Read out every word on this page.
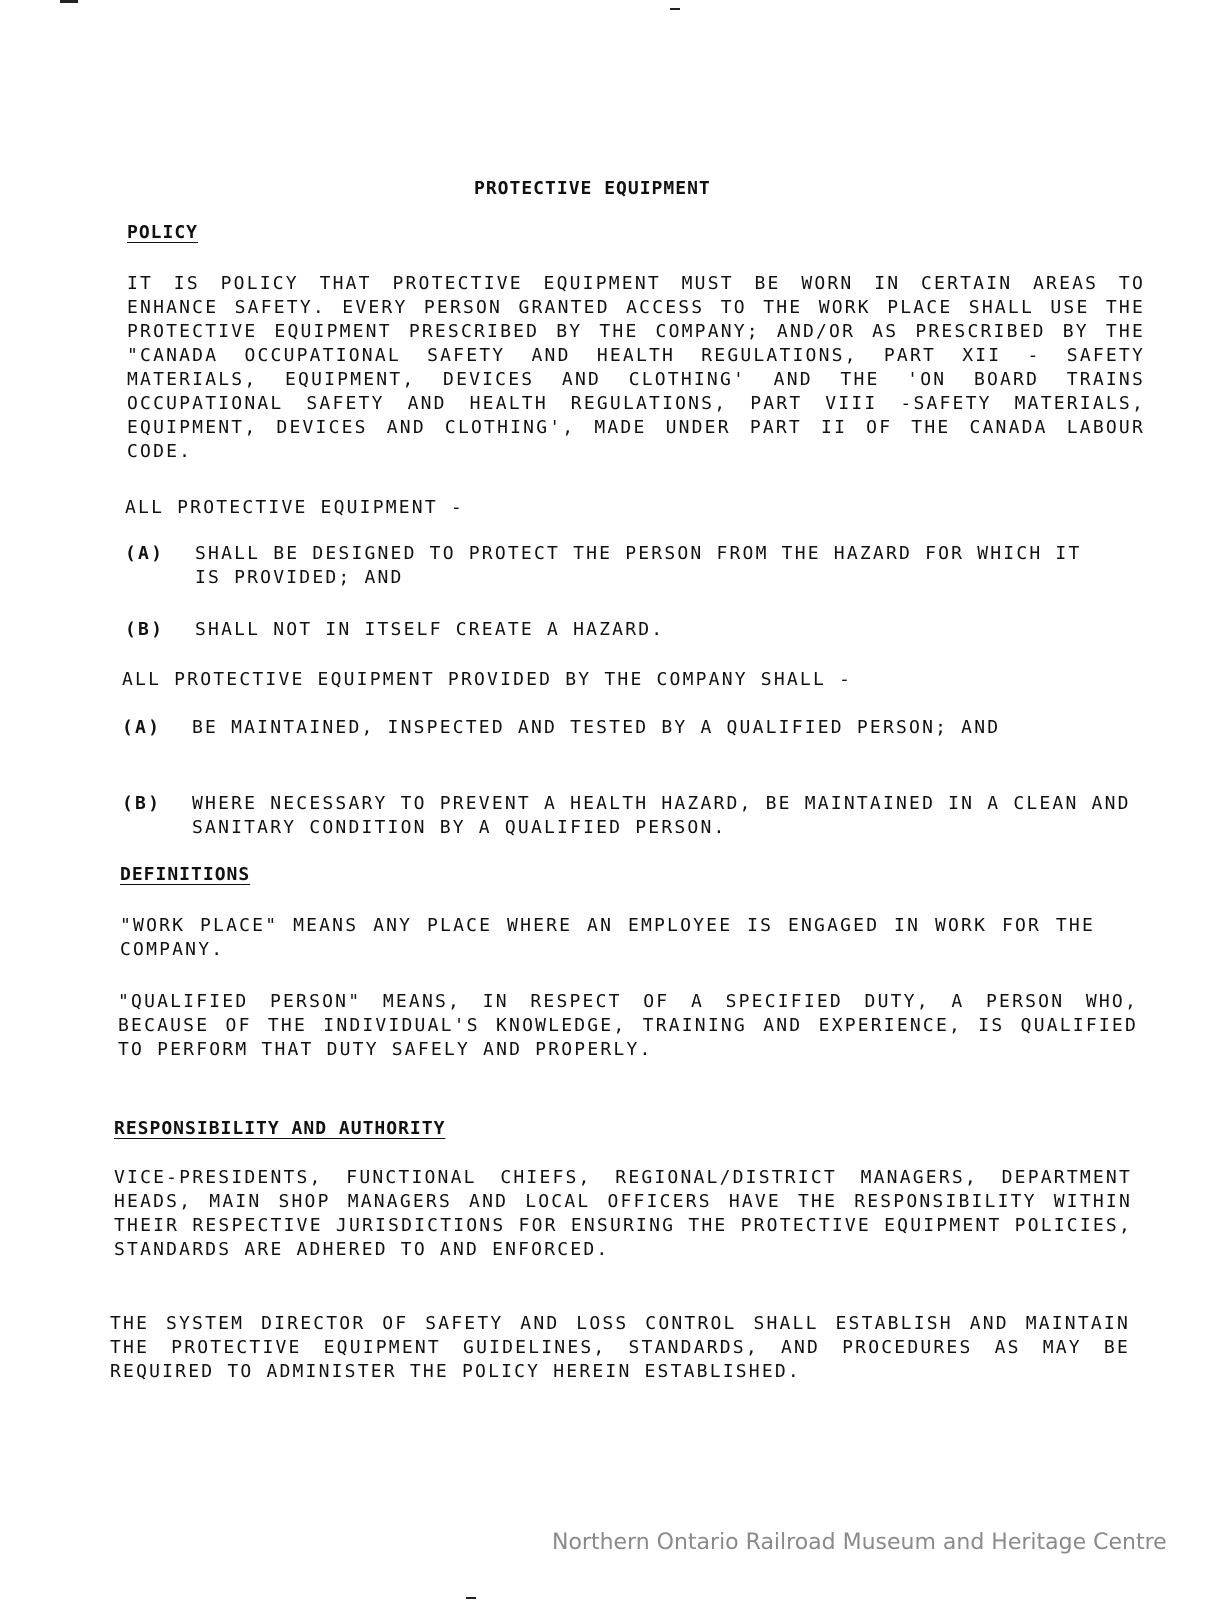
PROTECTIVE EQUIPMENT
POLICY
IT IS POLICY THAT PROTECTIVE EQUIPMENT MUST BE WORN IN CERTAIN AREAS TO ENHANCE SAFETY. EVERY PERSON GRANTED ACCESS TO THE WORK PLACE SHALL USE THE PROTECTIVE EQUIPMENT PRESCRIBED BY THE COMPANY; AND/OR AS PRESCRIBED BY THE "CANADA OCCUPATIONAL SAFETY AND HEALTH REGULATIONS, PART XII - SAFETY MATERIALS, EQUIPMENT, DEVICES AND CLOTHING' AND THE 'ON BOARD TRAINS OCCUPATIONAL SAFETY AND HEALTH REGULATIONS, PART VIII -SAFETY MATERIALS, EQUIPMENT, DEVICES AND CLOTHING', MADE UNDER PART II OF THE CANADA LABOUR CODE.
ALL PROTECTIVE EQUIPMENT -
(A) SHALL BE DESIGNED TO PROTECT THE PERSON FROM THE HAZARD FOR WHICH IT IS PROVIDED; AND
(B) SHALL NOT IN ITSELF CREATE A HAZARD.
ALL PROTECTIVE EQUIPMENT PROVIDED BY THE COMPANY SHALL -
(A) BE MAINTAINED, INSPECTED AND TESTED BY A QUALIFIED PERSON; AND
(B) WHERE NECESSARY TO PREVENT A HEALTH HAZARD, BE MAINTAINED IN A CLEAN AND SANITARY CONDITION BY A QUALIFIED PERSON.
DEFINITIONS
"WORK PLACE" MEANS ANY PLACE WHERE AN EMPLOYEE IS ENGAGED IN WORK FOR THE COMPANY.
"QUALIFIED PERSON" MEANS, IN RESPECT OF A SPECIFIED DUTY, A PERSON WHO, BECAUSE OF THE INDIVIDUAL'S KNOWLEDGE, TRAINING AND EXPERIENCE, IS QUALIFIED TO PERFORM THAT DUTY SAFELY AND PROPERLY.
RESPONSIBILITY AND AUTHORITY
VICE-PRESIDENTS, FUNCTIONAL CHIEFS, REGIONAL/DISTRICT MANAGERS, DEPARTMENT HEADS, MAIN SHOP MANAGERS AND LOCAL OFFICERS HAVE THE RESPONSIBILITY WITHIN THEIR RESPECTIVE JURISDICTIONS FOR ENSURING THE PROTECTIVE EQUIPMENT POLICIES, STANDARDS ARE ADHERED TO AND ENFORCED.
THE SYSTEM DIRECTOR OF SAFETY AND LOSS CONTROL SHALL ESTABLISH AND MAINTAIN THE PROTECTIVE EQUIPMENT GUIDELINES, STANDARDS, AND PROCEDURES AS MAY BE REQUIRED TO ADMINISTER THE POLICY HEREIN ESTABLISHED.
Northern Ontario Railroad Museum and Heritage Centre
